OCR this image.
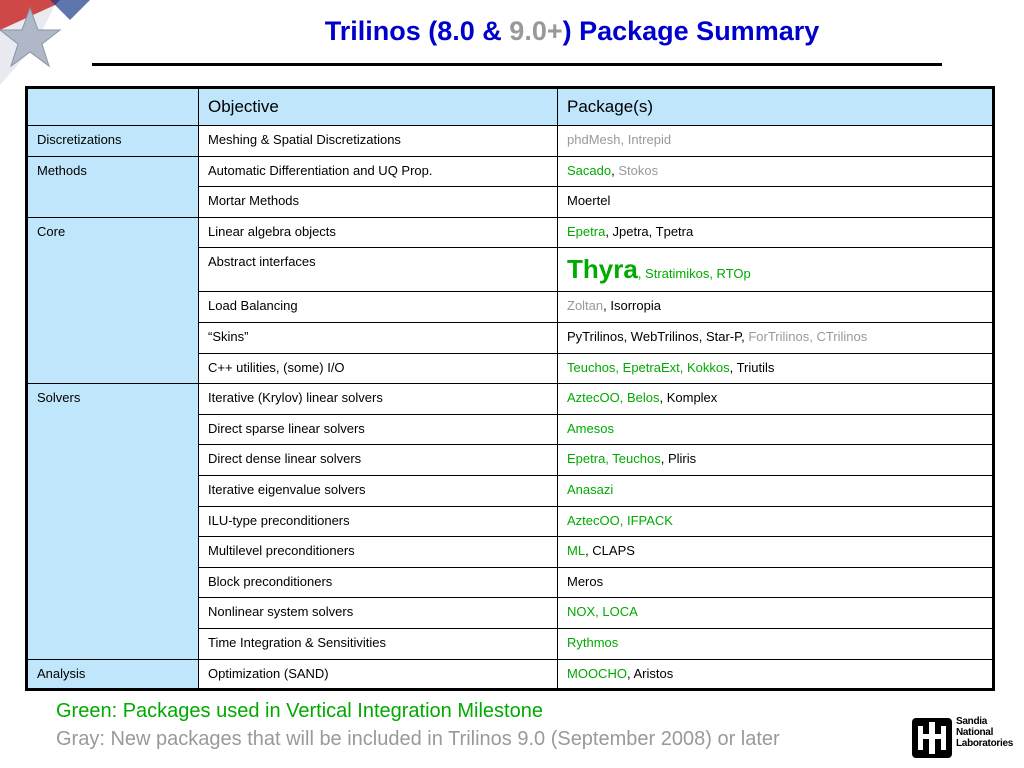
Trilinos (8.0 & 9.0+) Package Summary
	Objective	Package(s)
Discretizations	Meshing & Spatial Discretizations	phdMesh, Intrepid
Methods	Automatic Differentiation and UQ Prop.	Sacado, Stokos
	Mortar Methods	Moertel
Core	Linear algebra objects	Epetra, Jpetra, Tpetra
	Abstract interfaces	Thyra, Stratimikos, RTOp
	Load Balancing	Zoltan, Isorropia
	“Skins”	PyTrilinos, WebTrilinos, Star-P, ForTrilinos, CTrilinos
	C++ utilities, (some) I/O	Teuchos, EpetraExt, Kokkos, Triutils
Solvers	Iterative (Krylov) linear solvers	AztecOO, Belos, Komplex
	Direct sparse linear solvers	Amesos
	Direct dense linear solvers	Epetra, Teuchos, Pliris
	Iterative eigenvalue solvers	Anasazi
	ILU-type preconditioners	AztecOO, IFPACK
	Multilevel preconditioners	ML, CLAPS
	Block preconditioners	Meros
	Nonlinear system solvers	NOX, LOCA
	Time Integration & Sensitivities	Rythmos
Analysis	Optimization (SAND)	MOOCHO, Aristos
Green: Packages used in Vertical Integration Milestone
Gray: New packages that will be included in Trilinos 9.0 (September 2008) or later
Sandia
National
Laboratories
